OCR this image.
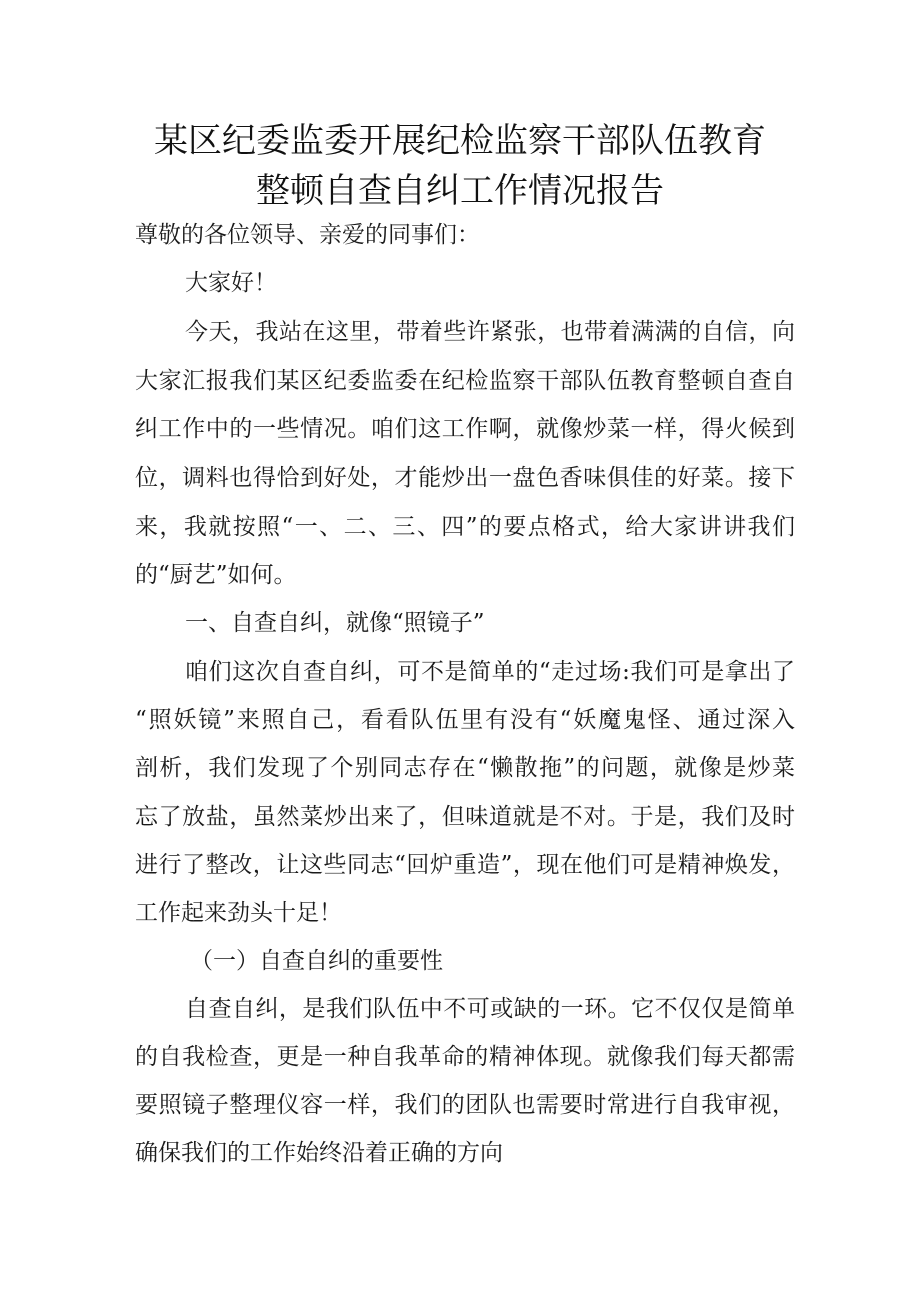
某区纪委监委开展纪检监察干部队伍教育
整顿自查自纠工作情况报告
尊敬的各位领导、亲爱的同事们：
大家好！
今天，我站在这里，带着些许紧张，也带着满满的自信，向
大家汇报我们某区纪委监委在纪检监察干部队伍教育整顿自查自
纠工作中的一些情况。咱们这工作啊，就像炒菜一样，得火候到
位，调料也得恰到好处，才能炒出一盘色香味俱佳的好菜。接下
来，我就按照“一、二、三、四”的要点格式，给大家讲讲我们
的“厨艺”如何。
一、自查自纠，就像“照镜子”
咱们这次自查自纠，可不是简单的“走过场:我们可是拿出了
“照妖镜”来照自己，看看队伍里有没有“妖魔鬼怪、通过深入
剖析，我们发现了个别同志存在“懒散拖”的问题，就像是炒菜
忘了放盐，虽然菜炒出来了，但味道就是不对。于是，我们及时
进行了整改，让这些同志“回炉重造”，现在他们可是精神焕发，
工作起来劲头十足！
（一）自查自纠的重要性
自查自纠，是我们队伍中不可或缺的一环。它不仅仅是简单
的自我检查，更是一种自我革命的精神体现。就像我们每天都需
要照镜子整理仪容一样，我们的团队也需要时常进行自我审视，
确保我们的工作始终沿着正确的方向
